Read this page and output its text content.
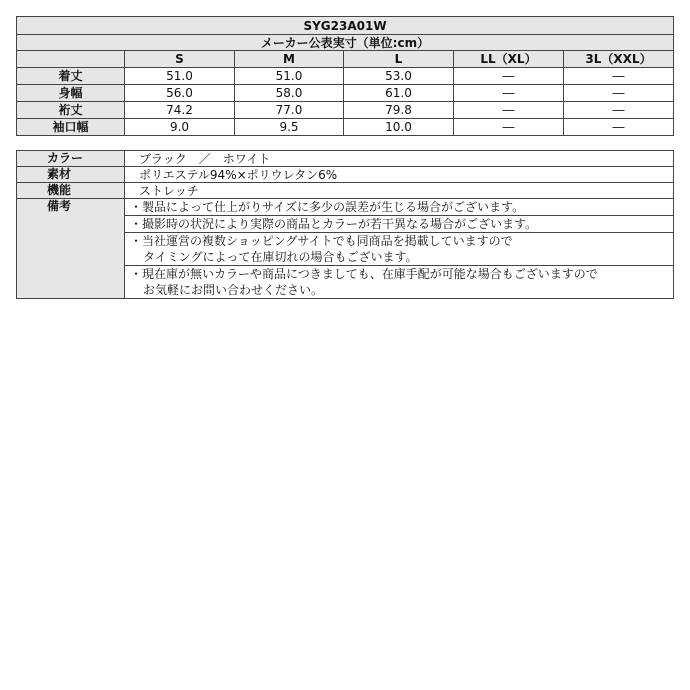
SYG23A01W					
メーカー公表実寸（単位:cm）					
	S	M	L	LL（XL）	3L（XXL）
着丈	51.0	51.0	53.0	―	―
身幅	56.0	58.0	61.0	―	―
裄丈	74.2	77.0	79.8	―	―
袖口幅	9.0	9.5	10.0	―	―
カラー	ブラック　／　ホワイト
素材	ポリエステル94%×ポリウレタン6%
機能	ストレッチ
備考	・製品によって仕上がりサイズに多少の誤差が生じる場合がございます。

	・撮影時の状況により実際の商品とカラーが若干異なる場合がございます。

	・当社運営の複数ショッピングサイトでも同商品を掲載していますので
タイミングによって在庫切れの場合もございます。

	・現在庫が無いカラーや商品につきましても、在庫手配が可能な場合もございますので
お気軽にお問い合わせください。
